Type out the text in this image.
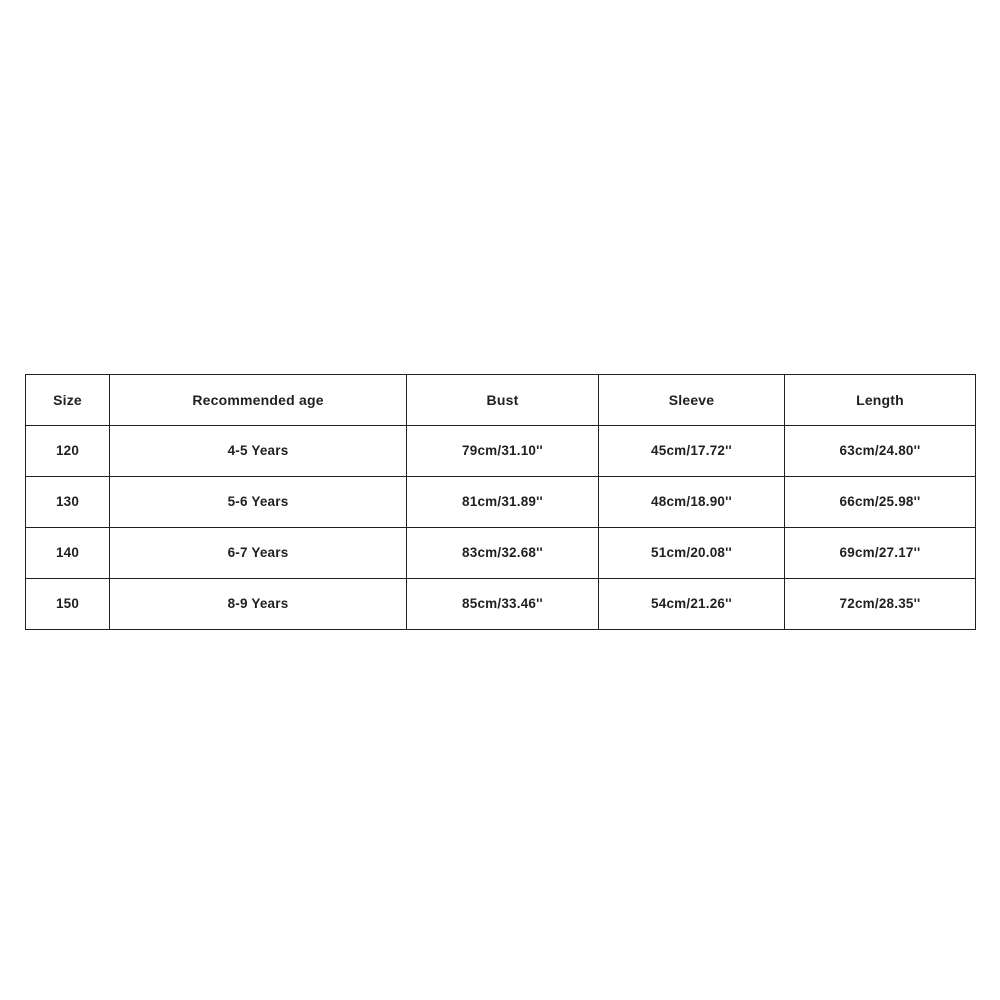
Size	Recommended age	Bust	Sleeve	Length
120	4-5 Years	79cm/31.10''	45cm/17.72''	63cm/24.80''
130	5-6 Years	81cm/31.89''	48cm/18.90''	66cm/25.98''
140	6-7 Years	83cm/32.68''	51cm/20.08''	69cm/27.17''
150	8-9 Years	85cm/33.46''	54cm/21.26''	72cm/28.35''
